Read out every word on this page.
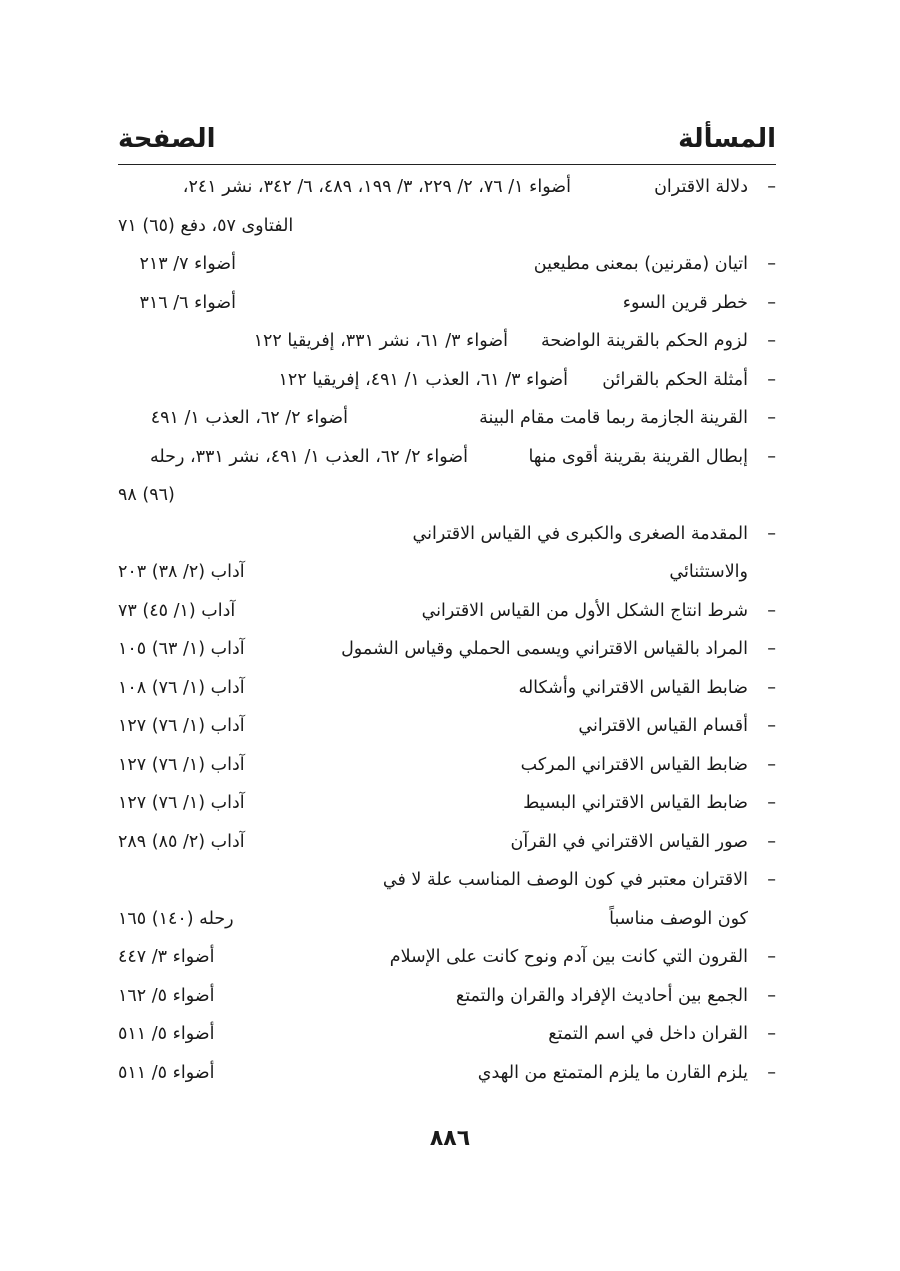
المسألة
الصفحة
–
دلالة الاقتران
أضواء ١/ ٧٦، ٢/ ٢٢٩، ٣/ ١٩٩، ٤٨٩، ٦/ ٣٤٢، نشر ٢٤١،
الفتاوى ٥٧، دفع (٦٥) ٧١
–
اتيان (مقرنين) بمعنى مطيعين
أضواء ٧/ ٢١٣
–
خطر قرين السوء
أضواء ٦/ ٣١٦
–
لزوم الحكم بالقرينة الواضحة
أضواء ٣/ ٦١، نشر ٣٣١، إفريقيا ١٢٢
–
أمثلة الحكم بالقرائن
أضواء ٣/ ٦١، العذب ١/ ٤٩١، إفريقيا ١٢٢
–
القرينة الجازمة ربما قامت مقام البينة
أضواء ٢/ ٦٢، العذب ١/ ٤٩١
–
إبطال القرينة بقرينة أقوى منها
أضواء ٢/ ٦٢، العذب ١/ ٤٩١، نشر ٣٣١، رحله
(٩٦) ٩٨
–
المقدمة الصغرى والكبرى في القياس الاقتراني
والاستثنائي
آداب (٢/ ٣٨) ٢٠٣
–
شرط انتاج الشكل الأول من القياس الاقتراني
آداب (١/ ٤٥) ٧٣
–
المراد بالقياس الاقتراني ويسمى الحملي وقياس الشمول
آداب (١/ ٦٣) ١٠٥
–
ضابط القياس الاقتراني وأشكاله
آداب (١/ ٧٦) ١٠٨
–
أقسام القياس الاقتراني
آداب (١/ ٧٦) ١٢٧
–
ضابط القياس الاقتراني المركب
آداب (١/ ٧٦) ١٢٧
–
ضابط القياس الاقتراني البسيط
آداب (١/ ٧٦) ١٢٧
–
صور القياس الاقتراني في القرآن
آداب (٢/ ٨٥) ٢٨٩
–
الاقتران معتبر في كون الوصف المناسب علة لا في
كون الوصف مناسباً
رحله (١٤٠) ١٦٥
–
القرون التي كانت بين آدم ونوح كانت على الإسلام
أضواء ٣/ ٤٤٧
–
الجمع بين أحاديث الإفراد والقران والتمتع
أضواء ٥/ ١٦٢
–
القران داخل في اسم التمتع
أضواء ٥/ ٥١١
–
يلزم القارن ما يلزم المتمتع من الهدي
أضواء ٥/ ٥١١
٨٨٦
